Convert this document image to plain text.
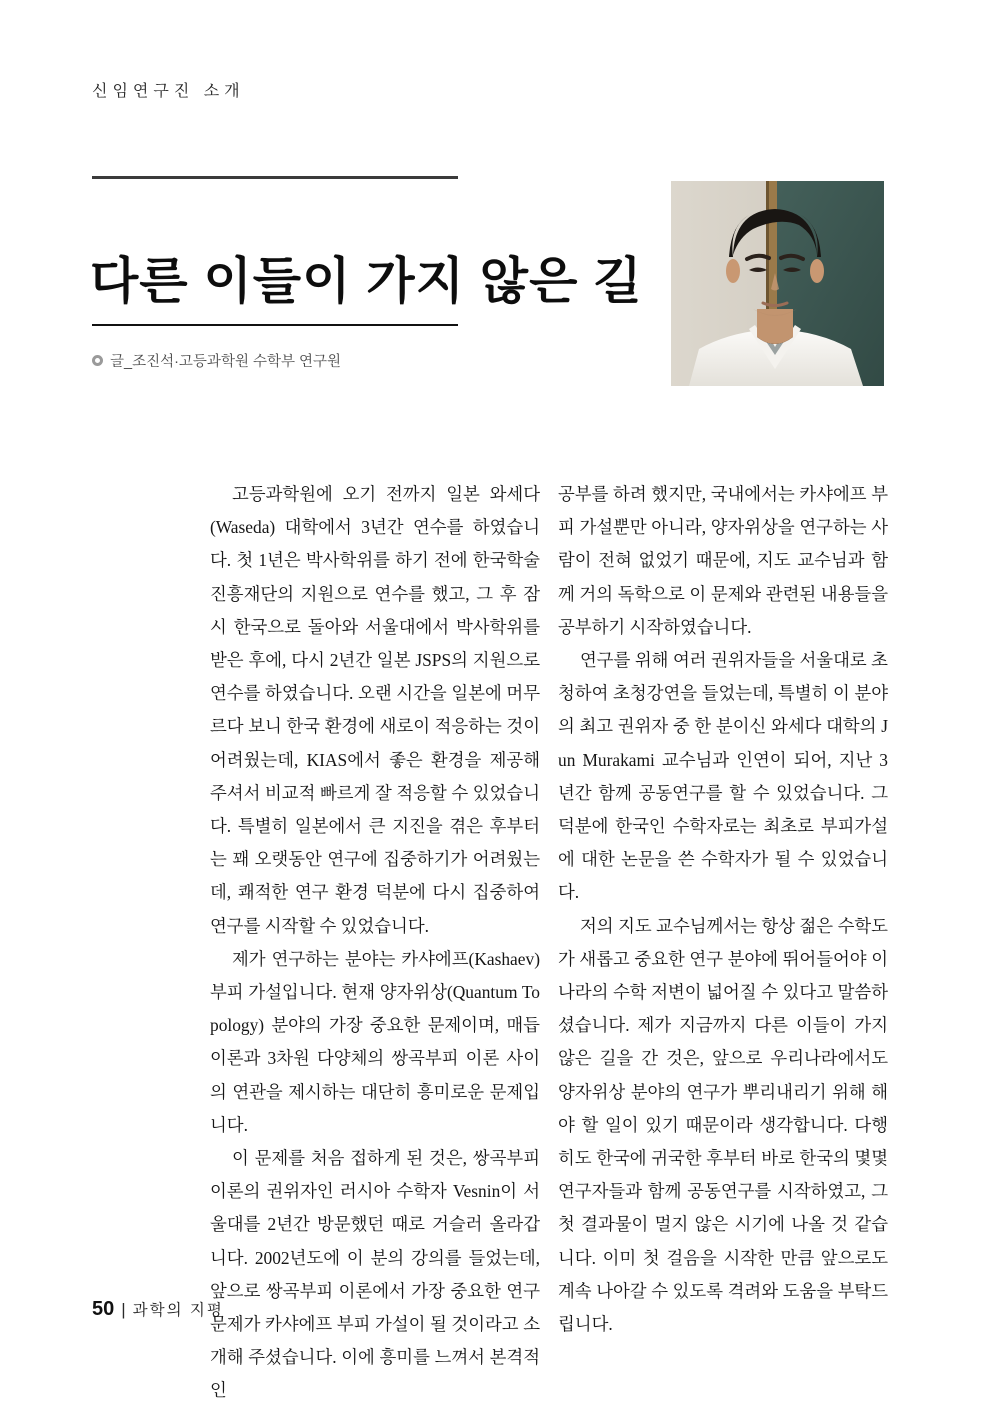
신임연구진 소개
다른 이들이 가지 않은 길
글_조진석·고등과학원 수학부 연구원

고등과학원에 오기 전까지 일본 와세다(Waseda) 대학에서 3년간 연수를 하였습니다. 첫 1년은 박사학위를 하기 전에 한국학술진흥재단의 지원으로 연수를 했고, 그 후 잠시 한국으로 돌아와 서울대에서 박사학위를 받은 후에, 다시 2년간 일본 JSPS의 지원으로 연수를 하였습니다. 오랜 시간을 일본에 머무르다 보니 한국 환경에 새로이 적응하는 것이 어려웠는데, KIAS에서 좋은 환경을 제공해 주셔서 비교적 빠르게 잘 적응할 수 있었습니다. 특별히 일본에서 큰 지진을 겪은 후부터는 꽤 오랫동안 연구에 집중하기가 어려웠는데, 쾌적한 연구 환경 덕분에 다시 집중하여 연구를 시작할 수 있었습니다.

제가 연구하는 분야는 카샤에프(Kashaev) 부피 가설입니다. 현재 양자위상(Quantum Topology) 분야의 가장 중요한 문제이며, 매듭 이론과 3차원 다양체의 쌍곡부피 이론 사이의 연관을 제시하는 대단히 흥미로운 문제입니다.

이 문제를 처음 접하게 된 것은, 쌍곡부피 이론의 권위자인 러시아 수학자 Vesnin이 서울대를 2년간 방문했던 때로 거슬러 올라갑니다. 2002년도에 이 분의 강의를 들었는데, 앞으로 쌍곡부피 이론에서 가장 중요한 연구 문제가 카샤에프 부피 가설이 될 것이라고 소개해 주셨습니다. 이에 흥미를 느껴서 본격적인

공부를 하려 했지만, 국내에서는 카샤에프 부피 가설뿐만 아니라, 양자위상을 연구하는 사람이 전혀 없었기 때문에, 지도 교수님과 함께 거의 독학으로 이 문제와 관련된 내용들을 공부하기 시작하였습니다.

연구를 위해 여러 권위자들을 서울대로 초청하여 초청강연을 들었는데, 특별히 이 분야의 최고 권위자 중 한 분이신 와세다 대학의 Jun Murakami 교수님과 인연이 되어, 지난 3년간 함께 공동연구를 할 수 있었습니다. 그 덕분에 한국인 수학자로는 최초로 부피가설에 대한 논문을 쓴 수학자가 될 수 있었습니다.

저의 지도 교수님께서는 항상 젊은 수학도가 새롭고 중요한 연구 분야에 뛰어들어야 이 나라의 수학 저변이 넓어질 수 있다고 말씀하셨습니다. 제가 지금까지 다른 이들이 가지 않은 길을 간 것은, 앞으로 우리나라에서도 양자위상 분야의 연구가 뿌리내리기 위해 해야 할 일이 있기 때문이라 생각합니다. 다행히도 한국에 귀국한 후부터 바로 한국의 몇몇 연구자들과 함께 공동연구를 시작하였고, 그 첫 결과물이 멀지 않은 시기에 나올 것 같습니다. 이미 첫 걸음을 시작한 만큼 앞으로도 계속 나아갈 수 있도록 격려와 도움을 부탁드립니다.

50 | 과학의 지평
